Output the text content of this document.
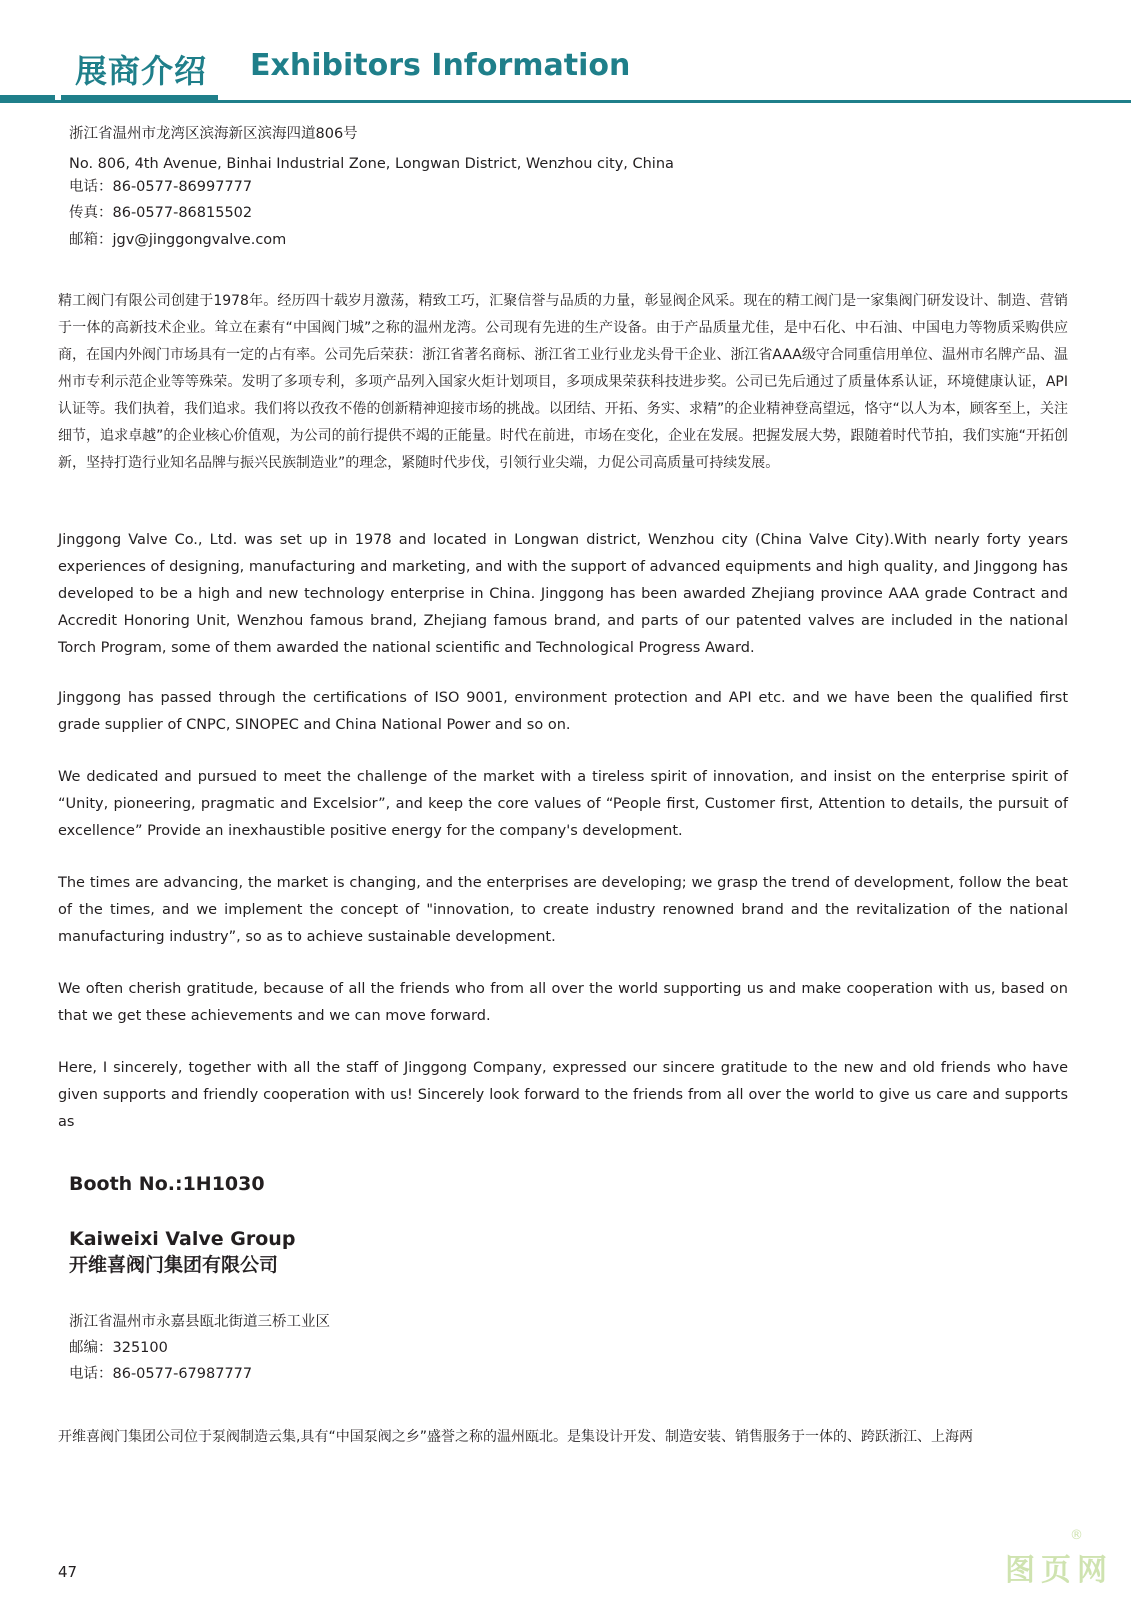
展商介绍 Exhibitors Information
浙江省温州市龙湾区滨海新区滨海四道806号
No. 806, 4th Avenue, Binhai Industrial Zone, Longwan District, Wenzhou city, China
电话：86-0577-86997777
传真：86-0577-86815502
邮箱：jgv@jinggongvalve.com

精工阀门有限公司创建于1978年。经历四十载岁月激荡，精致工巧，汇聚信誉与品质的力量，彰显阀企风采。现在的精工阀门是一家集阀门研发设计、制造、营销于一体的高新技术企业。耸立在素有“中国阀门城”之称的温州龙湾。公司现有先进的生产设备。由于产品质量尤佳，是中石化、中石油、中国电力等物质采购供应商，在国内外阀门市场具有一定的占有率。公司先后荣获：浙江省著名商标、浙江省工业行业龙头骨干企业、浙江省AAA级守合同重信用单位、温州市名牌产品、温州市专利示范企业等等殊荣。发明了多项专利，多项产品列入国家火炬计划项目，多项成果荣获科技进步奖。公司已先后通过了质量体系认证，环境健康认证，API认证等。我们执着，我们追求。我们将以孜孜不倦的创新精神迎接市场的挑战。以团结、开拓、务实、求精”的企业精神登高望远，恪守“以人为本，顾客至上，关注细节，追求卓越”的企业核心价值观，为公司的前行提供不竭的正能量。时代在前进，市场在变化，企业在发展。把握发展大势，跟随着时代节拍，我们实施“开拓创新，坚持打造行业知名品牌与振兴民族制造业”的理念，紧随时代步伐，引领行业尖端，力促公司高质量可持续发展。

Jinggong Valve Co., Ltd. was set up in 1978 and located in Longwan district, Wenzhou city (China Valve City).With nearly forty years experiences of designing, manufacturing and marketing, and with the support of advanced equipments and high quality, and Jinggong has developed to be a high and new technology enterprise in China. Jinggong has been awarded Zhejiang province AAA grade Contract and Accredit Honoring Unit, Wenzhou famous brand, Zhejiang famous brand, and parts of our patented valves are included in the national Torch Program, some of them awarded the national scientific and Technological Progress Award.

Jinggong has passed through the certifications of ISO 9001, environment protection and API etc. and we have been the qualified first grade supplier of CNPC, SINOPEC and China National Power and so on.

We dedicated and pursued to meet the challenge of the market with a tireless spirit of innovation, and insist on the enterprise spirit of “Unity, pioneering, pragmatic and Excelsior”, and keep the core values of “People first, Customer first, Attention to details, the pursuit of excellence” Provide an inexhaustible positive energy for the company's development.

The times are advancing, the market is changing, and the enterprises are developing; we grasp the trend of development, follow the beat of the times, and we implement the concept of "innovation, to create industry renowned brand and the revitalization of the national manufacturing industry”, so as to achieve sustainable development.

We often cherish gratitude, because of all the friends who from all over the world supporting us and make cooperation with us, based on that we get these achievements and we can move forward.

Here, I sincerely, together with all the staff of Jinggong Company, expressed our sincere gratitude to the new and old friends who have given supports and friendly cooperation with us! Sincerely look forward to the friends from all over the world to give us care and supports as

Booth No.:1H1030
Kaiweixi Valve Group
开维喜阀门集团有限公司
浙江省温州市永嘉县瓯北街道三桥工业区
邮编：325100
电话：86-0577-67987777

开维喜阀门集团公司位于泵阀制造云集,具有“中国泵阀之乡”盛誉之称的温州瓯北。是集设计开发、制造安装、销售服务于一体的、跨跃浙江、上海两

47	图页网
®
